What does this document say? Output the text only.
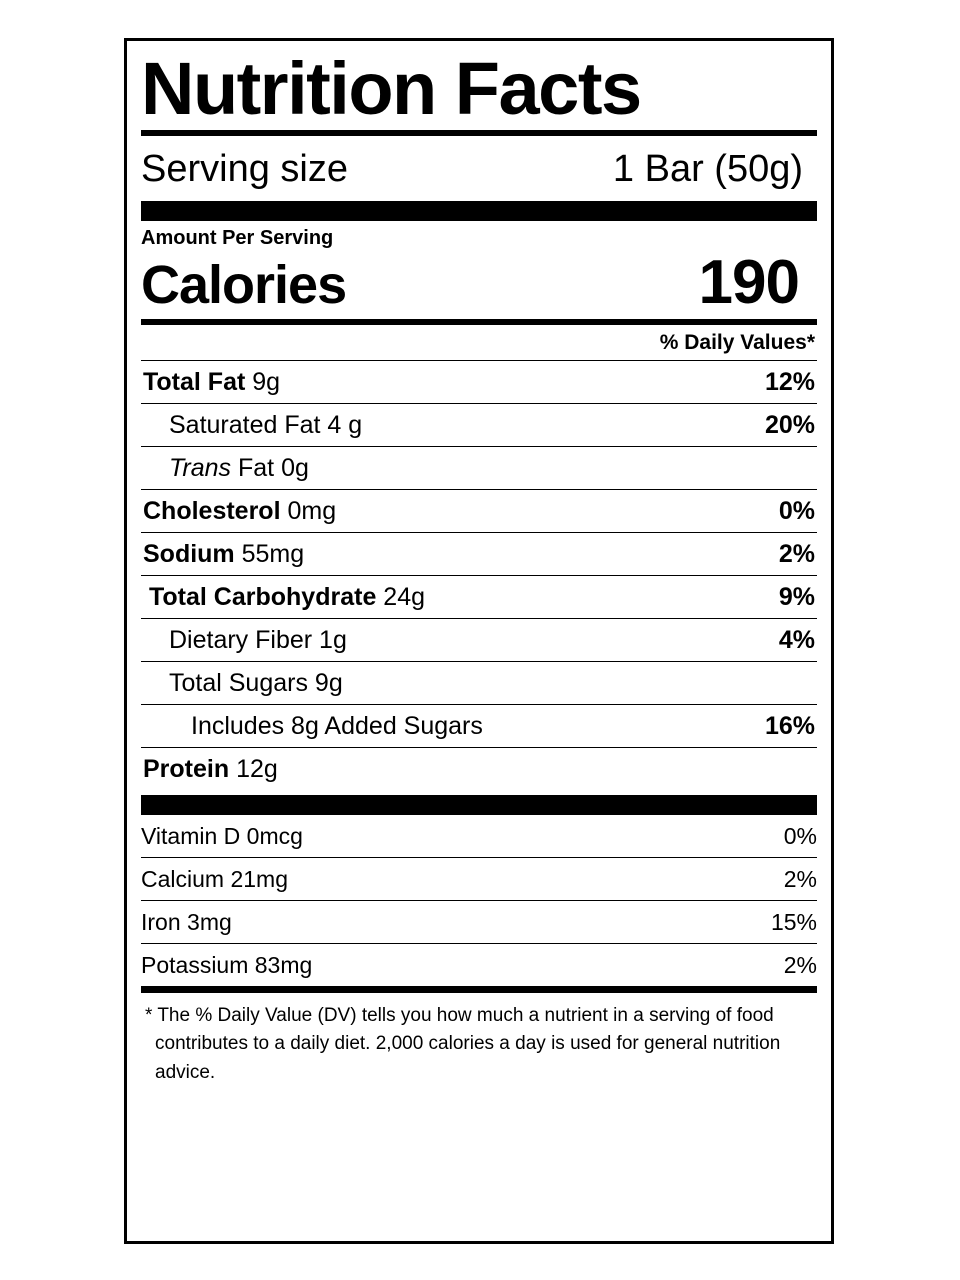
Nutrition Facts
Serving size	1 Bar (50g)
Amount Per Serving
Calories	190
% Daily Values*
Total Fat 9g	12%
Saturated Fat 4 g	20%
Trans Fat 0g
Cholesterol 0mg	0%
Sodium 55mg	2%
Total Carbohydrate 24g	9%
Dietary Fiber 1g	4%
Total Sugars 9g
Includes 8g Added Sugars	16%
Protein 12g
Vitamin D 0mcg	0%
Calcium 21mg	2%
Iron 3mg	15%
Potassium 83mg	2%
* The % Daily Value (DV) tells you how much a nutrient in a serving of food contributes to a daily diet. 2,000 calories a day is used for general nutrition advice.
